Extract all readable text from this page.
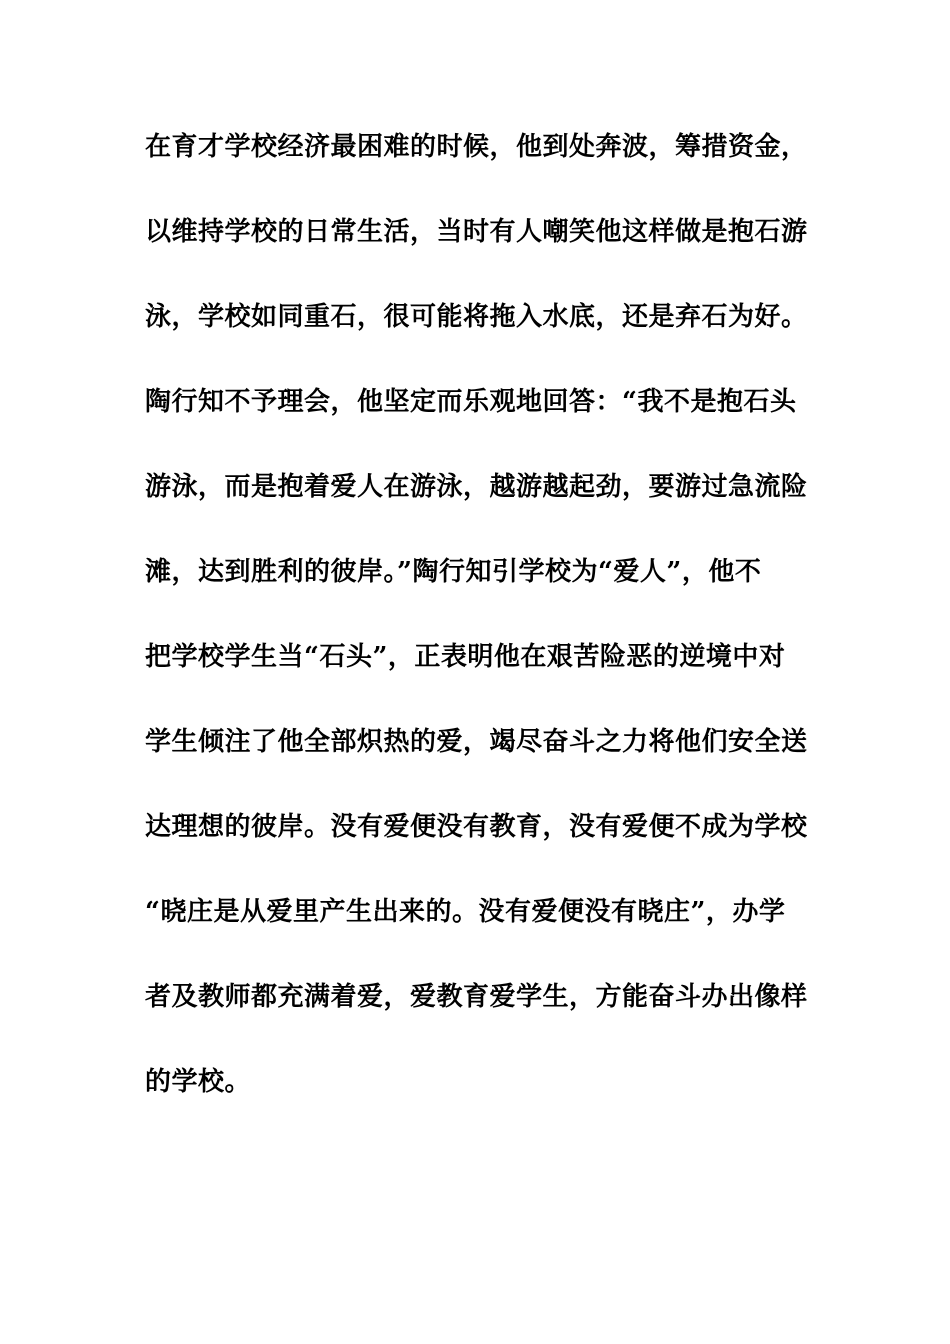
在育才学校经济最困难的时候，他到处奔波，筹措资金，
以维持学校的日常生活，当时有人嘲笑他这样做是抱石游
泳，学校如同重石，很可能将拖入水底，还是弃石为好。
陶行知不予理会，他坚定而乐观地回答：“我不是抱石头
游泳，而是抱着爱人在游泳，越游越起劲，要游过急流险
滩，达到胜利的彼岸。”陶行知引学校为“爱人”，他不
把学校学生当“石头”，正表明他在艰苦险恶的逆境中对
学生倾注了他全部炽热的爱，竭尽奋斗之力将他们安全送
达理想的彼岸。没有爱便没有教育，没有爱便不成为学校
“晓庄是从爱里产生出来的。没有爱便没有晓庄”，办学
者及教师都充满着爱，爱教育爱学生，方能奋斗办出像样
的学校。
